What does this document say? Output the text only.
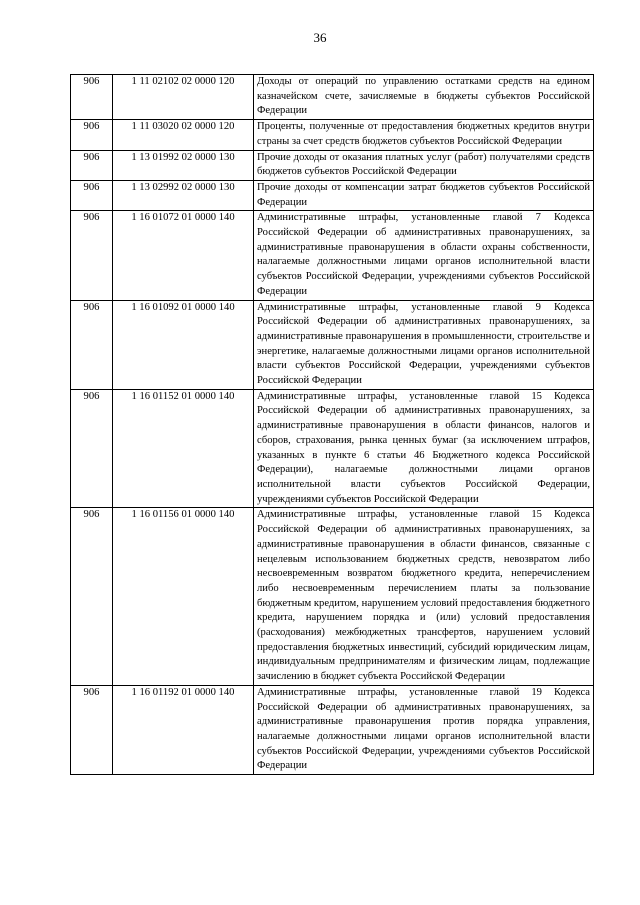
36
906	1 11 02102 02 0000 120	Доходы от операций по управлению остатками средств на едином казначейском счете, зачисляемые в бюджеты субъектов Российской Федерации
906	1 11 03020 02 0000 120	Проценты, полученные от предоставления бюджетных кредитов внутри страны за счет средств бюджетов субъектов Российской Федерации
906	1 13 01992 02 0000 130	Прочие доходы от оказания платных услуг (работ) получателями средств бюджетов субъектов Российской Федерации
906	1 13 02992 02 0000 130	Прочие доходы от компенсации затрат бюджетов субъектов Российской Федерации
906	1 16 01072 01 0000 140	Административные штрафы, установленные главой 7 Кодекса Российской Федерации об административных правонарушениях, за административные правонарушения в области охраны собственности, налагаемые должностными лицами органов исполнительной власти субъектов Российской Федерации, учреждениями субъектов Российской Федерации
906	1 16 01092 01 0000 140	Административные штрафы, установленные главой 9 Кодекса Российской Федерации об административных правонарушениях, за административные правонарушения в промышленности, строительстве и энергетике, налагаемые должностными лицами органов исполнительной власти субъектов Российской Федерации, учреждениями субъектов Российской Федерации
906	1 16 01152 01 0000 140	Административные штрафы, установленные главой 15 Кодекса Российской Федерации об административных правонарушениях, за административные правонарушения в области финансов, налогов и сборов, страхования, рынка ценных бумаг (за исключением штрафов, указанных в пункте 6 статьи 46 Бюджетного кодекса Российской Федерации), налагаемые должностными лицами органов исполнительной власти субъектов Российской Федерации, учреждениями субъектов Российской Федерации
906	1 16 01156 01 0000 140	Административные штрафы, установленные главой 15 Кодекса Российской Федерации об административных правонарушениях, за административные правонарушения в области финансов, связанные с нецелевым использованием бюджетных средств, невозвратом либо несвоевременным возвратом бюджетного кредита, неперечислением либо несвоевременным перечислением платы за пользование бюджетным кредитом, нарушением условий предоставления бюджетного кредита, нарушением порядка и (или) условий предоставления (расходования) межбюджетных трансфертов, нарушением условий предоставления бюджетных инвестиций, субсидий юридическим лицам, индивидуальным предпринимателям и физическим лицам, подлежащие зачислению в бюджет субъекта Российской Федерации
906	1 16 01192 01 0000 140	Административные штрафы, установленные главой 19 Кодекса Российской Федерации об административных правонарушениях, за административные правонарушения против порядка управления, налагаемые должностными лицами органов исполнительной власти субъектов Российской Федерации, учреждениями субъектов Российской Федерации
